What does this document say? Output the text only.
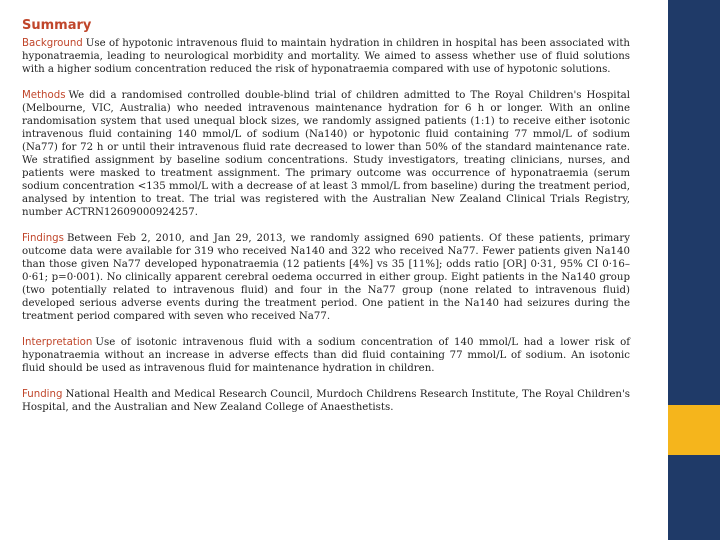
Summary

Background Use of hypotonic intravenous fluid to maintain hydration in children in hospital has been associated with hyponatraemia, leading to neurological morbidity and mortality. We aimed to assess whether use of fluid solutions with a higher sodium concentration reduced the risk of hyponatraemia compared with use of hypotonic solutions.

Methods We did a randomised controlled double-blind trial of children admitted to The Royal Children's Hospital (Melbourne, VIC, Australia) who needed intravenous maintenance hydration for 6 h or longer. With an online randomisation system that used unequal block sizes, we randomly assigned patients (1:1) to receive either isotonic intravenous fluid containing 140 mmol/L of sodium (Na140) or hypotonic fluid containing 77 mmol/L of sodium (Na77) for 72 h or until their intravenous fluid rate decreased to lower than 50% of the standard maintenance rate. We stratified assignment by baseline sodium concentrations. Study investigators, treating clinicians, nurses, and patients were masked to treatment assignment. The primary outcome was occurrence of hyponatraemia (serum sodium concentration <135 mmol/L with a decrease of at least 3 mmol/L from baseline) during the treatment period, analysed by intention to treat. The trial was registered with the Australian New Zealand Clinical Trials Registry, number ACTRN12609000924257.

Findings Between Feb 2, 2010, and Jan 29, 2013, we randomly assigned 690 patients. Of these patients, primary outcome data were available for 319 who received Na140 and 322 who received Na77. Fewer patients given Na140 than those given Na77 developed hyponatraemia (12 patients [4%] vs 35 [11%]; odds ratio [OR] 0·31, 95% CI 0·16–0·61; p=0·001). No clinically apparent cerebral oedema occurred in either group. Eight patients in the Na140 group (two potentially related to intravenous fluid) and four in the Na77 group (none related to intravenous fluid) developed serious adverse events during the treatment period. One patient in the Na140 had seizures during the treatment period compared with seven who received Na77.

Interpretation Use of isotonic intravenous fluid with a sodium concentration of 140 mmol/L had a lower risk of hyponatraemia without an increase in adverse effects than did fluid containing 77 mmol/L of sodium. An isotonic fluid should be used as intravenous fluid for maintenance hydration in children.

Funding National Health and Medical Research Council, Murdoch Childrens Research Institute, The Royal Children's Hospital, and the Australian and New Zealand College of Anaesthetists.
